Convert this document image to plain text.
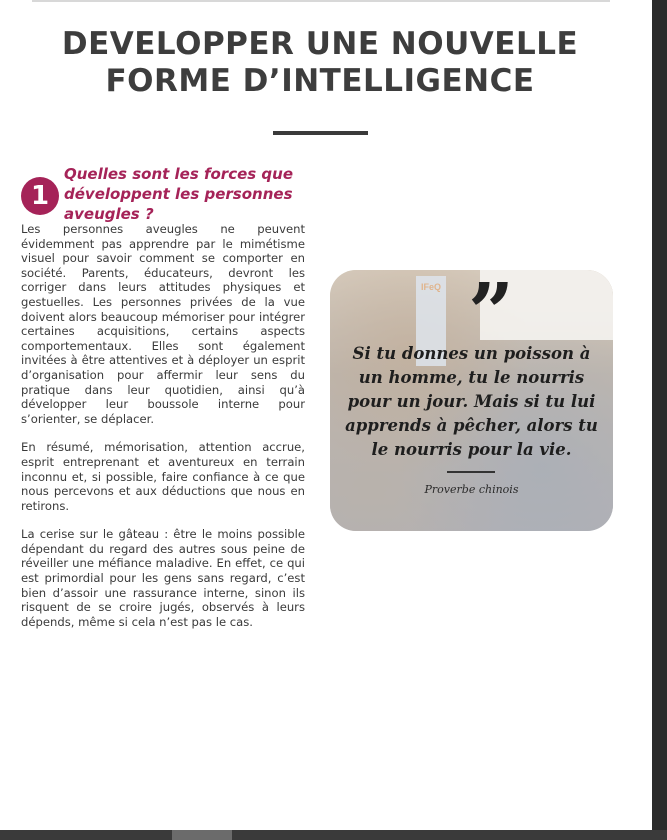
DEVELOPPER UNE NOUVELLE
FORME D’INTELLIGENCE
1
Quelles sont les forces que développent les personnes aveugles ?

Les personnes aveugles ne peuvent évidemment pas apprendre par le mimétisme visuel pour savoir comment se comporter en société. Parents, éducateurs, devront les corriger dans leurs attitudes physiques et gestuelles. Les personnes privées de la vue doivent alors beaucoup mémoriser pour intégrer certaines acquisitions, certains aspects comportementaux. Elles sont également invitées à être attentives et à déployer un esprit d’organisation pour affermir leur sens du pratique dans leur quotidien, ainsi qu’à développer leur boussole interne pour s’orienter, se déplacer.

En résumé, mémorisation, attention accrue, esprit entreprenant et aventureux en terrain inconnu et, si possible, faire confiance à ce que nous percevons et aux déductions que nous en retirons.

La cerise sur le gâteau : être le moins possible dépendant du regard des autres sous peine de réveiller une méfiance maladive. En effet, ce qui est primordial pour les gens sans regard, c’est bien d’assoir une rassurance interne, sinon ils risquent de se croire jugés, observés à leurs dépends, même si cela n’est pas le cas.

IFeQ ”

Si tu donnes un poisson à un homme, tu le nourris pour un jour. Mais si tu lui apprends à pêcher, alors tu le nourris pour la vie.

Proverbe chinois
